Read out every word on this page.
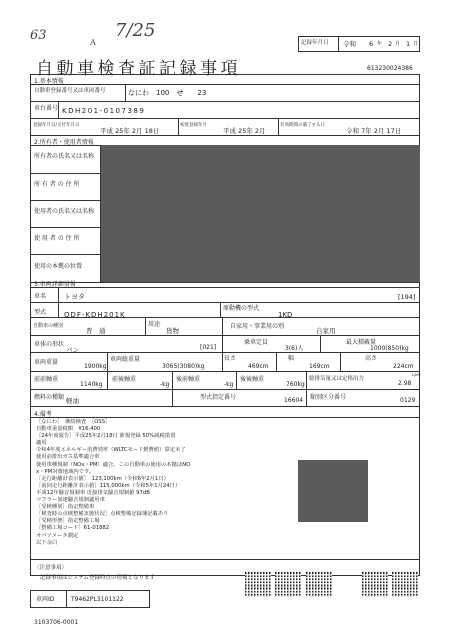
63	A
7/25
記録年月日 令和 6 年 2 月 1 日
自動車検査証記録事項	613230024386
1.基本情報
自動車登録番号又は車両番号	なにわ　100　せ　　23
車台番号 KDH201-0107389
登録年月日/交付年月日
平成 25年 2月 18日
初度登録年月
平成 25年 2月
有効期間の満了する日
令和 7年 2月 17日
2.所有者・使用者情報
所有者の氏名又は名称
所 有 者 の 住 所
使用者の氏名又は名称
使 用 者 の 住 所
使用の本拠の位置
3.車両詳細情報
車名	トヨタ	[194]
型式	QDF-KDH201K
原動機の型式
1KD
自動車の種別
普　通
用途
貨物
自家用・事業用の別
自家用
車体の形状
バン	[021]
乗車定員
3(6)人
最大積載量
1000(850)kg
車両重量
1900kg
車両総重量
3065(3080)kg
長さ
469cm
幅
169cm
高さ
224cm
前前軸重
1140kg
前後軸重
-kg
後前軸重
-kg
後後軸重
760kg
総排気量又は定格出力
2.98
L/kW
燃料の種類 軽油	型式指定番号	16604 類別区分番号	0129
4.備考
［なにわ］　継続検査　［OSS］
自動車重量税額　¥16,400
［24年度報告］平成25年2月18日 新規登録 50%減税措置
適用
令和4年度エネルギー消費効率（WLTCモード燃費値）算定未了
使用前排出ガス基準適合車
使用車種規制（NOx・PM）適合。この自動車の使用の本拠はNO
x・PM対策地域内です。
［走行距離計表示値］　123,100km（令和6年2月1日）
［前回走行距離計表示値］115,000km（令和5年1月24日）
平成12年騒音規制車 近接排気騒音規制値 97dB
マフラー加速騒音規制適用車
［受検種別］指定整備車
［検査時の点検整備実施状況］点検整備記録簿記載あり
［受検形態］指定整備工場
［整備工場コード］61-01882
オパソメータ測定
以下余白
〈注意事項〉
記録事項はシステム登録時点の情報となります
車両ID	T9462PL3101122
3103706-0001
